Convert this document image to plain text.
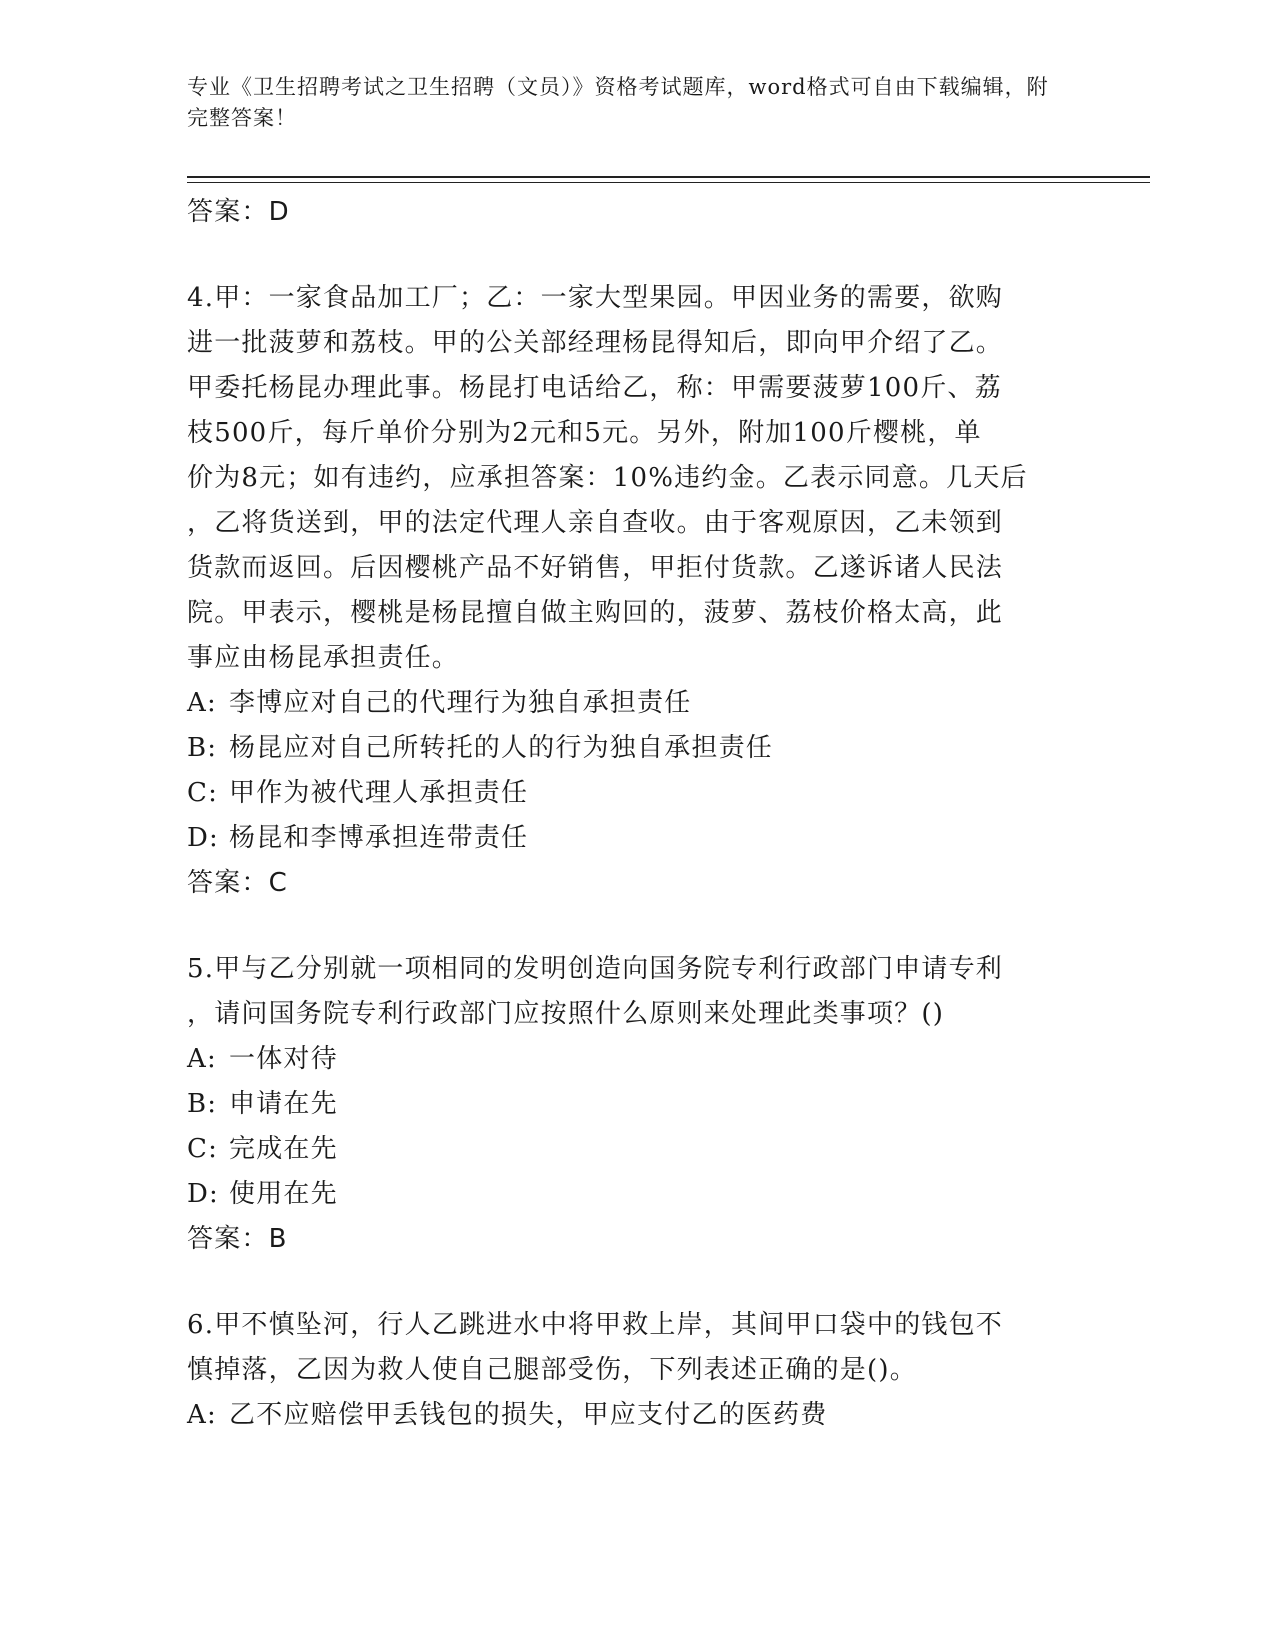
专业《卫生招聘考试之卫生招聘（文员）》资格考试题库，word格式可自由下载编辑，附完整答案！

答案：D

4.甲：一家食品加工厂；乙：一家大型果园。甲因业务的需要，欲购

进一批菠萝和荔枝。甲的公关部经理杨昆得知后，即向甲介绍了乙。

甲委托杨昆办理此事。杨昆打电话给乙，称：甲需要菠萝100斤、荔

枝500斤，每斤单价分别为2元和5元。另外，附加100斤樱桃，单

价为8元；如有违约，应承担答案：10%违约金。乙表示同意。几天后

，乙将货送到，甲的法定代理人亲自查收。由于客观原因，乙未领到

货款而返回。后因樱桃产品不好销售，甲拒付货款。乙遂诉诸人民法

院。甲表示，樱桃是杨昆擅自做主购回的，菠萝、荔枝价格太高，此

事应由杨昆承担责任。

A: 李博应对自己的代理行为独自承担责任

B: 杨昆应对自己所转托的人的行为独自承担责任

C: 甲作为被代理人承担责任

D: 杨昆和李博承担连带责任

答案：C

5.甲与乙分别就一项相同的发明创造向国务院专利行政部门申请专利

，请问国务院专利行政部门应按照什么原则来处理此类事项？()

A: 一体对待

B: 申请在先

C: 完成在先

D: 使用在先

答案：B

6.甲不慎坠河，行人乙跳进水中将甲救上岸，其间甲口袋中的钱包不

慎掉落，乙因为救人使自己腿部受伤，下列表述正确的是()。

A: 乙不应赔偿甲丢钱包的损失，甲应支付乙的医药费
